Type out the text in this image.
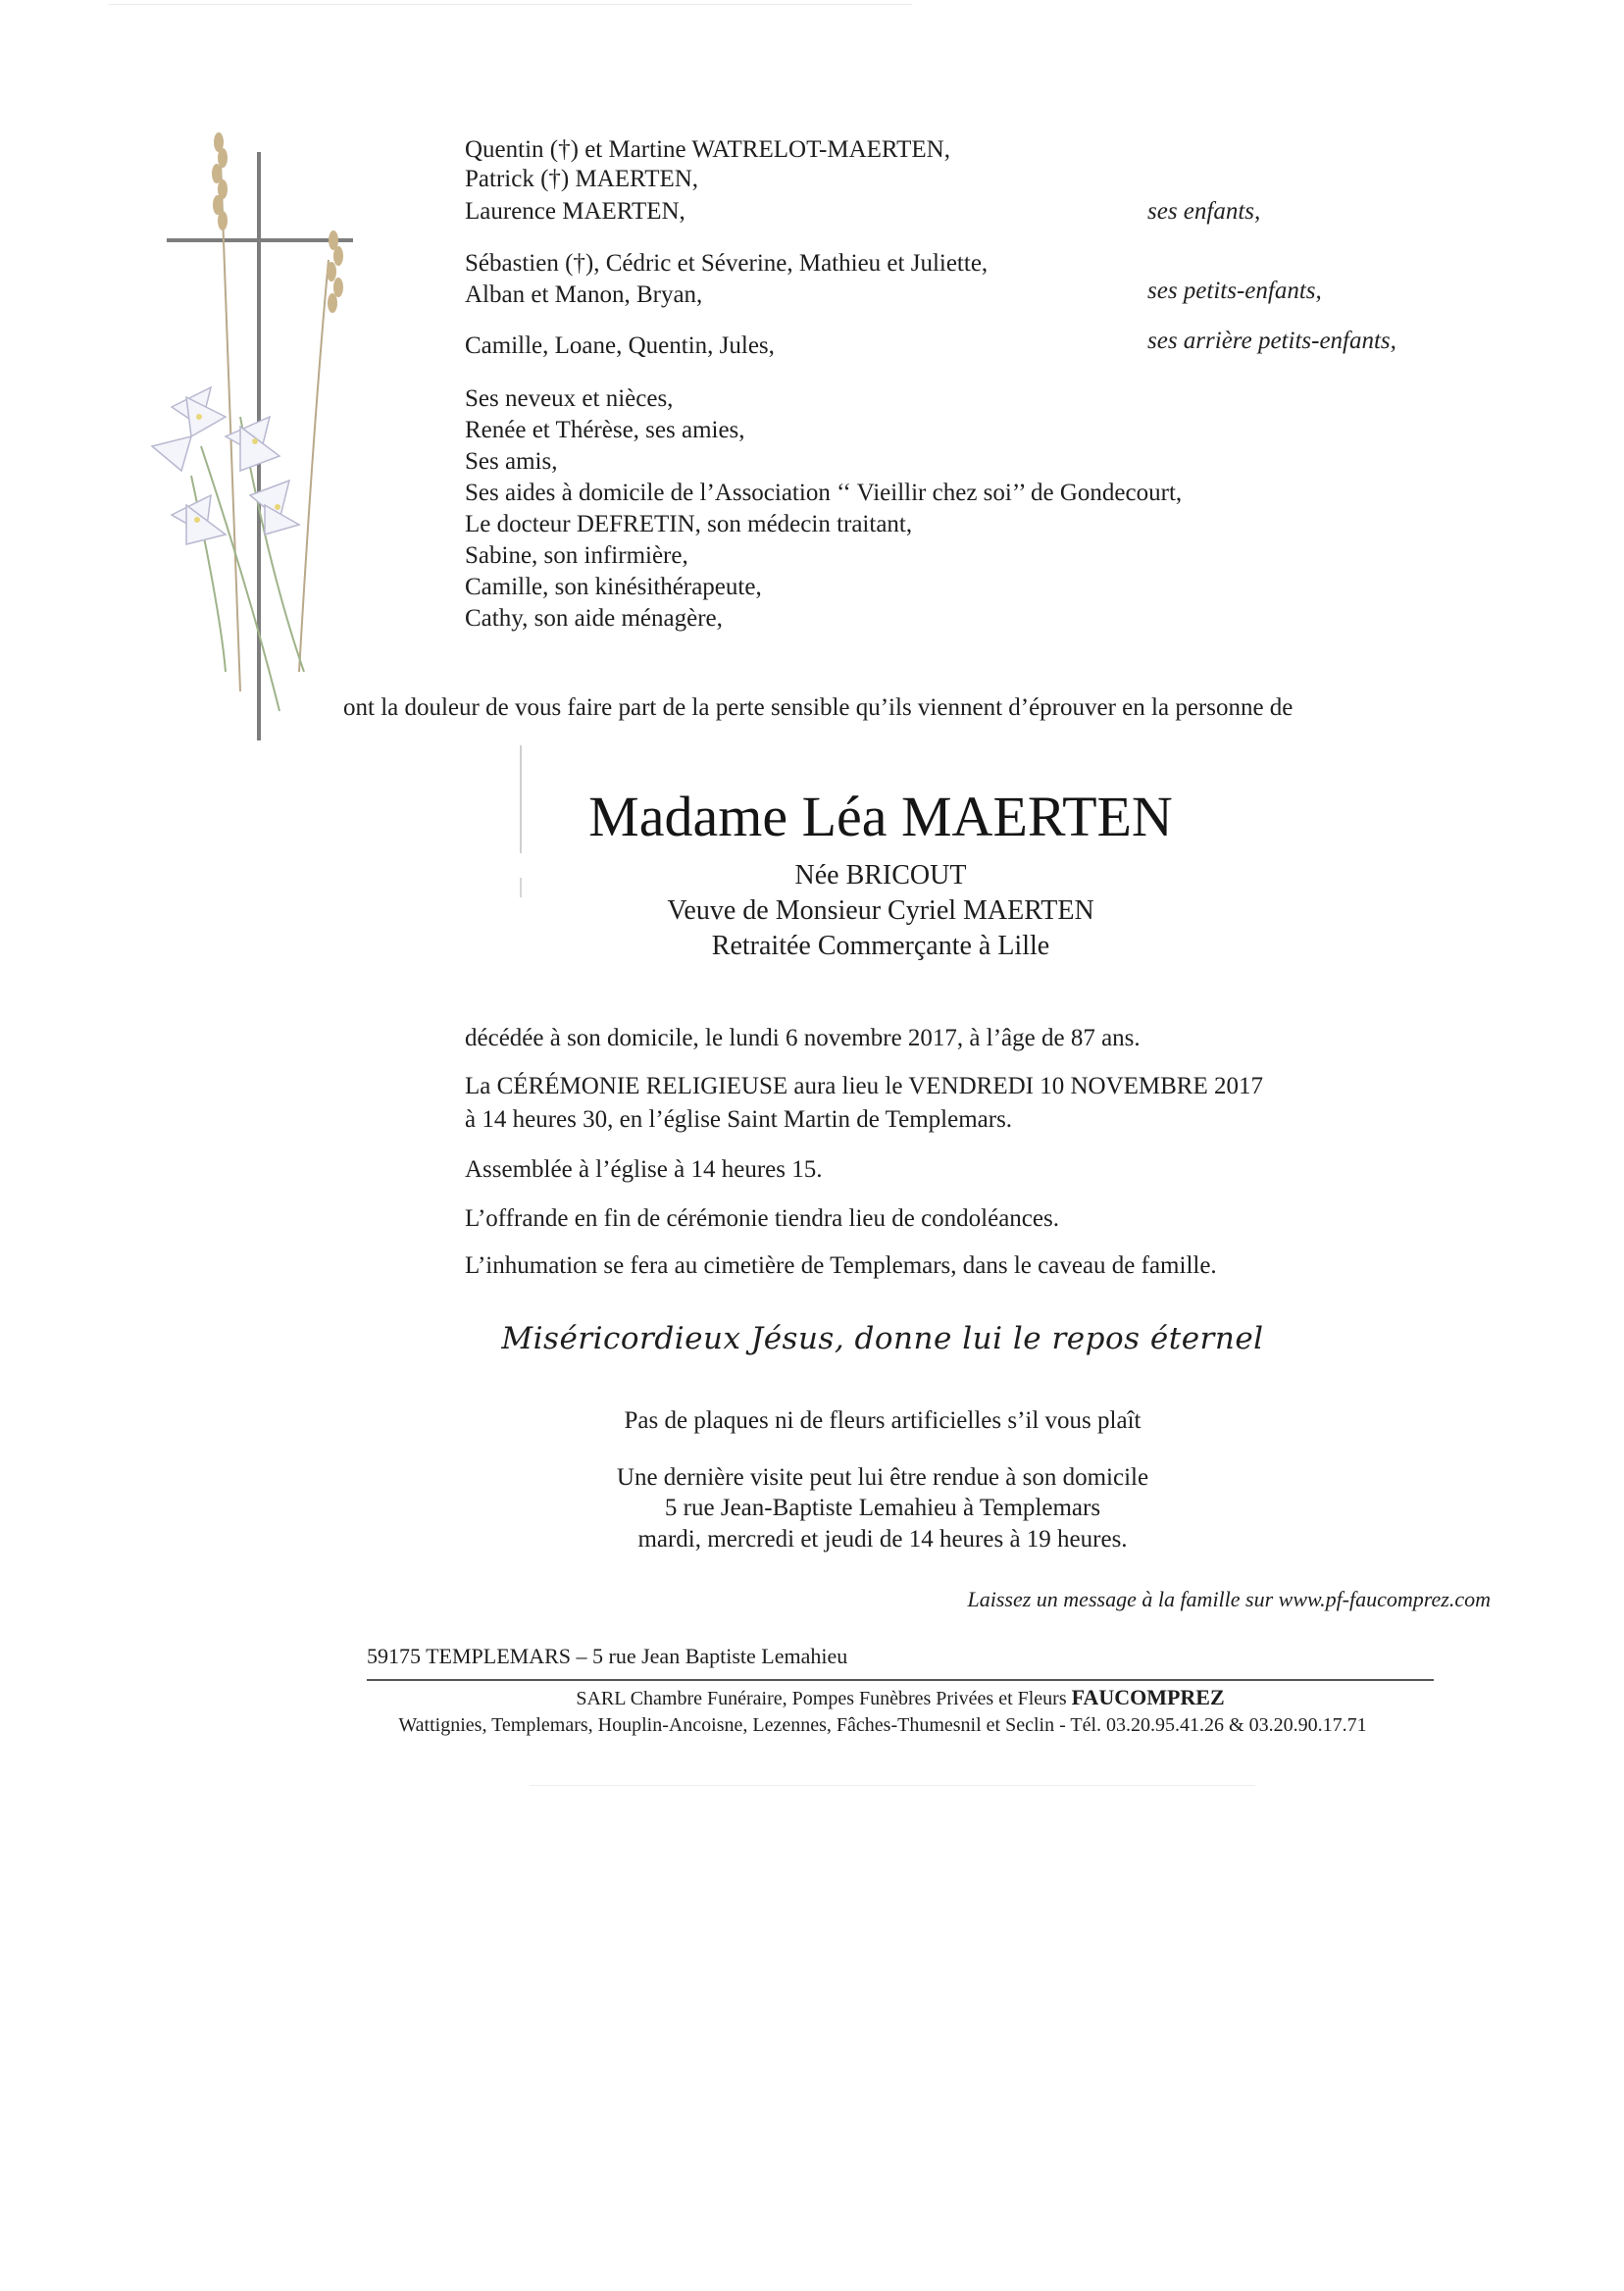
Quentin (†) et Martine WATRELOT-MAERTEN,
Patrick (†) MAERTEN,
Laurence MAERTEN,	ses enfants,
Sébastien (†), Cédric et Séverine, Mathieu et Juliette,
Alban et Manon, Bryan,	ses petits-enfants,
Camille, Loane, Quentin, Jules,	ses arrière petits-enfants,
Ses neveux et nièces,
Renée et Thérèse, ses amies,
Ses amis,
Ses aides à domicile de l’Association ‘‘ Vieillir chez soi’’ de Gondecourt,
Le docteur DEFRETIN, son médecin traitant,
Sabine, son infirmière,
Camille, son kinésithérapeute,
Cathy, son aide ménagère,
ont la douleur de vous faire part de la perte sensible qu’ils viennent d’éprouver en la personne de
Madame Léa MAERTEN
Née BRICOUT
Veuve de Monsieur Cyriel MAERTEN
Retraitée Commerçante à Lille
décédée à son domicile, le lundi 6 novembre 2017, à l’âge de 87 ans.
La CÉRÉMONIE RELIGIEUSE aura lieu le VENDREDI 10 NOVEMBRE 2017
à 14 heures 30, en l’église Saint Martin de Templemars.
Assemblée à l’église à 14 heures 15.
L’offrande en fin de cérémonie tiendra lieu de condoléances.
L’inhumation se fera au cimetière de Templemars, dans le caveau de famille.
Miséricordieux Jésus, donne lui le repos éternel
Pas de plaques ni de fleurs artificielles s’il vous plaît
Une dernière visite peut lui être rendue à son domicile
5 rue Jean-Baptiste Lemahieu à Templemars
mardi, mercredi et jeudi de 14 heures à 19 heures.
Laissez un message à la famille sur www.pf-faucomprez.com
59175 TEMPLEMARS – 5 rue Jean Baptiste Lemahieu
SARL Chambre Funéraire, Pompes Funèbres Privées et Fleurs FAUCOMPREZ
Wattignies, Templemars, Houplin-Ancoisne, Lezennes, Fâches-Thumesnil et Seclin - Tél. 03.20.95.41.26 & 03.20.90.17.71
